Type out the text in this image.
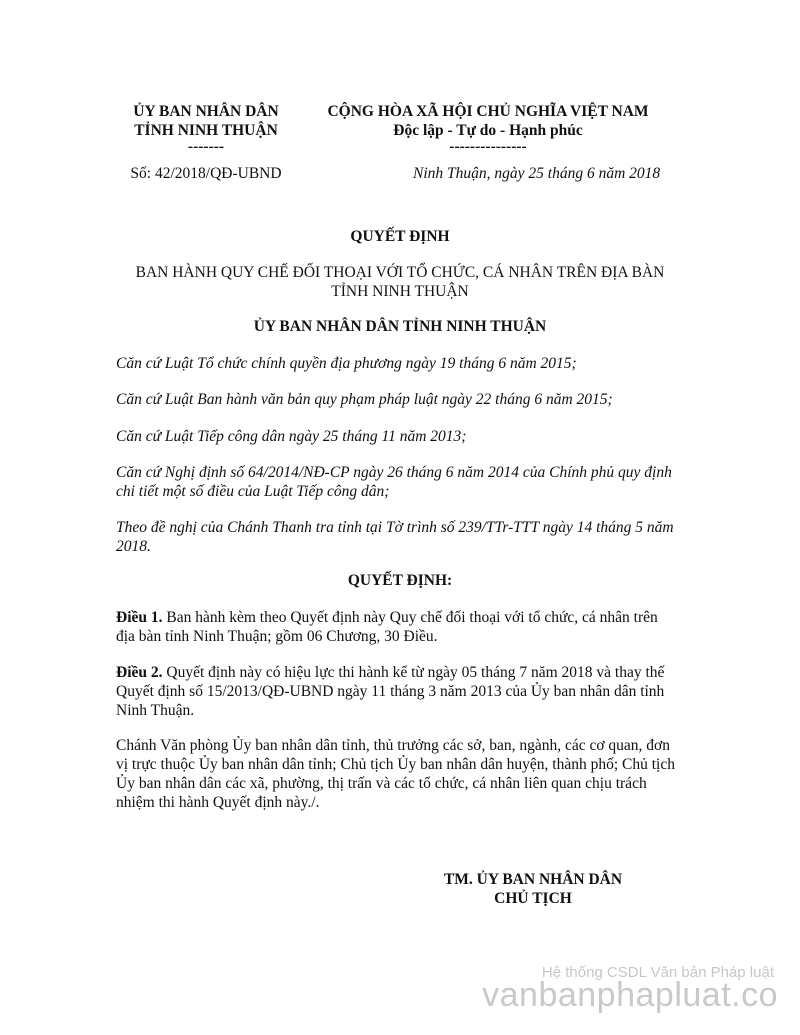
ỦY BAN NHÂN DÂN
TỈNH NINH THUẬN
-------
CỘNG HÒA XÃ HỘI CHỦ NGHĨA VIỆT NAM
Độc lập - Tự do - Hạnh phúc
---------------
Số: 42/2018/QĐ-UBND	Ninh Thuận, ngày 25 tháng 6 năm 2018
QUYẾT ĐỊNH
BAN HÀNH QUY CHẾ ĐỐI THOẠI VỚI TỔ CHỨC, CÁ NHÂN TRÊN ĐỊA BÀN
TỈNH NINH THUẬN
ỦY BAN NHÂN DÂN TỈNH NINH THUẬN
Căn cứ Luật Tổ chức chính quyền địa phương ngày 19 tháng 6 năm 2015;
Căn cứ Luật Ban hành văn bản quy phạm pháp luật ngày 22 tháng 6 năm 2015;
Căn cứ Luật Tiếp công dân ngày 25 tháng 11 năm 2013;
Căn cứ Nghị định số 64/2014/NĐ-CP ngày 26 tháng 6 năm 2014 của Chính phủ quy định chi tiết một số điều của Luật Tiếp công dân;
Theo đề nghị của Chánh Thanh tra tỉnh tại Tờ trình số 239/TTr-TTT ngày 14 tháng 5 năm 2018.
QUYẾT ĐỊNH:
Điều 1. Ban hành kèm theo Quyết định này Quy chế đối thoại với tổ chức, cá nhân trên địa bàn tỉnh Ninh Thuận; gồm 06 Chương, 30 Điều.
Điều 2. Quyết định này có hiệu lực thi hành kể từ ngày 05 tháng 7 năm 2018 và thay thế Quyết định số 15/2013/QĐ-UBND ngày 11 tháng 3 năm 2013 của Ủy ban nhân dân tỉnh Ninh Thuận.
Chánh Văn phòng Ủy ban nhân dân tỉnh, thủ trưởng các sở, ban, ngành, các cơ quan, đơn vị trực thuộc Ủy ban nhân dân tỉnh; Chủ tịch Ủy ban nhân dân huyện, thành phố; Chủ tịch Ủy ban nhân dân các xã, phường, thị trấn và các tổ chức, cá nhân liên quan chịu trách nhiệm thi hành Quyết định này./.
TM. ỦY BAN NHÂN DÂN
CHỦ TỊCH
Hệ thống CSDL Văn bản Pháp luật
vanbanphapluat.co
